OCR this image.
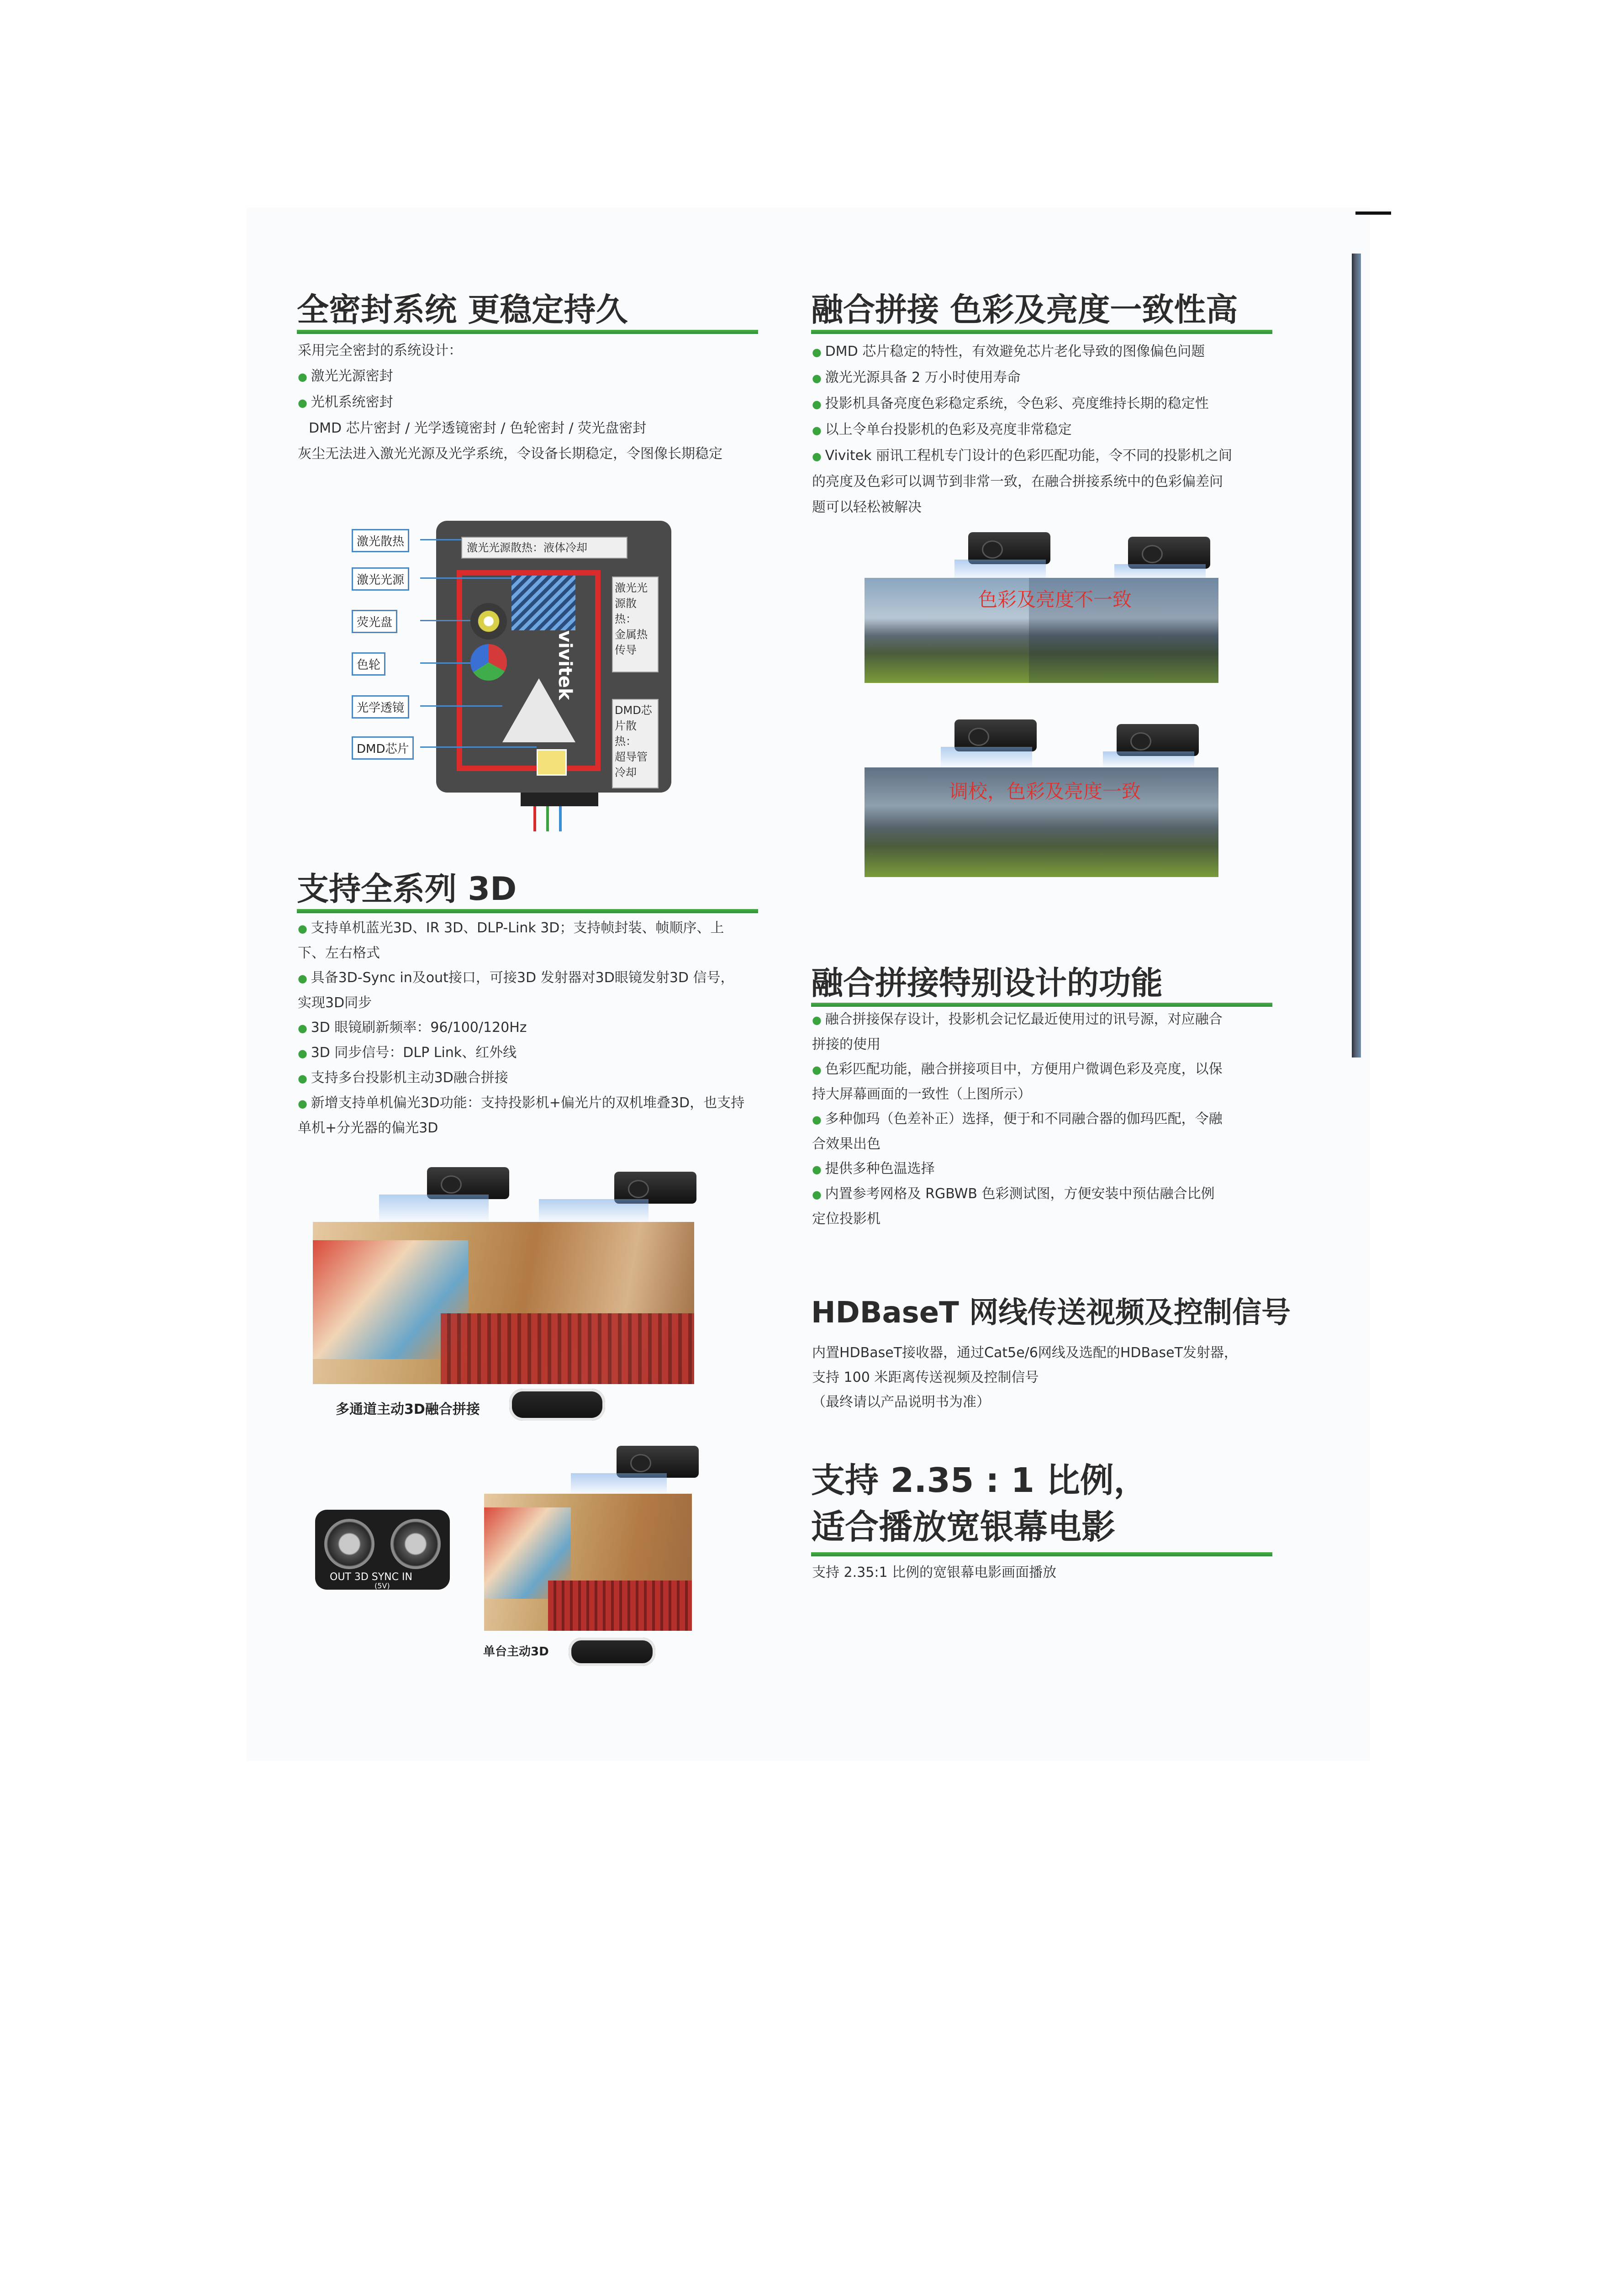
全密封系统 更稳定持久
采用完全密封的系统设计：
● 激光光源密封
● 光机系统密封
DMD 芯片密封 / 光学透镜密封 / 色轮密封 / 荧光盘密封
灰尘无法进入激光光源及光学系统，令设备长期稳定，令图像长期稳定
激光光源散热：液体冷却
vivitek
激光光
源散热：
金属热
传导
DMD芯
片散热：
超导管
冷却
激光散热
激光光源
荧光盘
色轮
光学透镜
DMD芯片
融合拼接 色彩及亮度一致性高
● DMD 芯片稳定的特性，有效避免芯片老化导致的图像偏色问题
● 激光光源具备 2 万小时使用寿命
● 投影机具备亮度色彩稳定系统，令色彩、亮度维持长期的稳定性
● 以上令单台投影机的色彩及亮度非常稳定
● Vivitek 丽讯工程机专门设计的色彩匹配功能，令不同的投影机之间
的亮度及色彩可以调节到非常一致，在融合拼接系统中的色彩偏差问
题可以轻松被解决
色彩及亮度不一致
调校，色彩及亮度一致
支持全系列 3D
● 支持单机蓝光3D、IR 3D、DLP-Link 3D；支持帧封装、帧顺序、上
下、左右格式
● 具备3D-Sync in及out接口，可接3D 发射器对3D眼镜发射3D 信号，
实现3D同步
● 3D 眼镜刷新频率：96/100/120Hz
● 3D 同步信号：DLP Link、红外线
● 支持多台投影机主动3D融合拼接
● 新增支持单机偏光3D功能：支持投影机+偏光片的双机堆叠3D，也支持
单机+分光器的偏光3D
多通道主动3D融合拼接
OUT 3D SYNC IN
(5V)
单台主动3D
融合拼接特别设计的功能
● 融合拼接保存设计，投影机会记忆最近使用过的讯号源，对应融合
拼接的使用
● 色彩匹配功能，融合拼接项目中，方便用户微调色彩及亮度，以保
持大屏幕画面的一致性（上图所示）
● 多种伽玛（色差补正）选择，便于和不同融合器的伽玛匹配，令融
合效果出色
● 提供多种色温选择
● 内置参考网格及 RGBWB 色彩测试图，方便安装中预估融合比例
定位投影机
HDBaseT 网线传送视频及控制信号
内置HDBaseT接收器，通过Cat5e/6网线及选配的HDBaseT发射器，
支持 100 米距离传送视频及控制信号
（最终请以产品说明书为准）
支持 2.35 : 1 比例，
适合播放宽银幕电影
支持 2.35:1 比例的宽银幕电影画面播放
